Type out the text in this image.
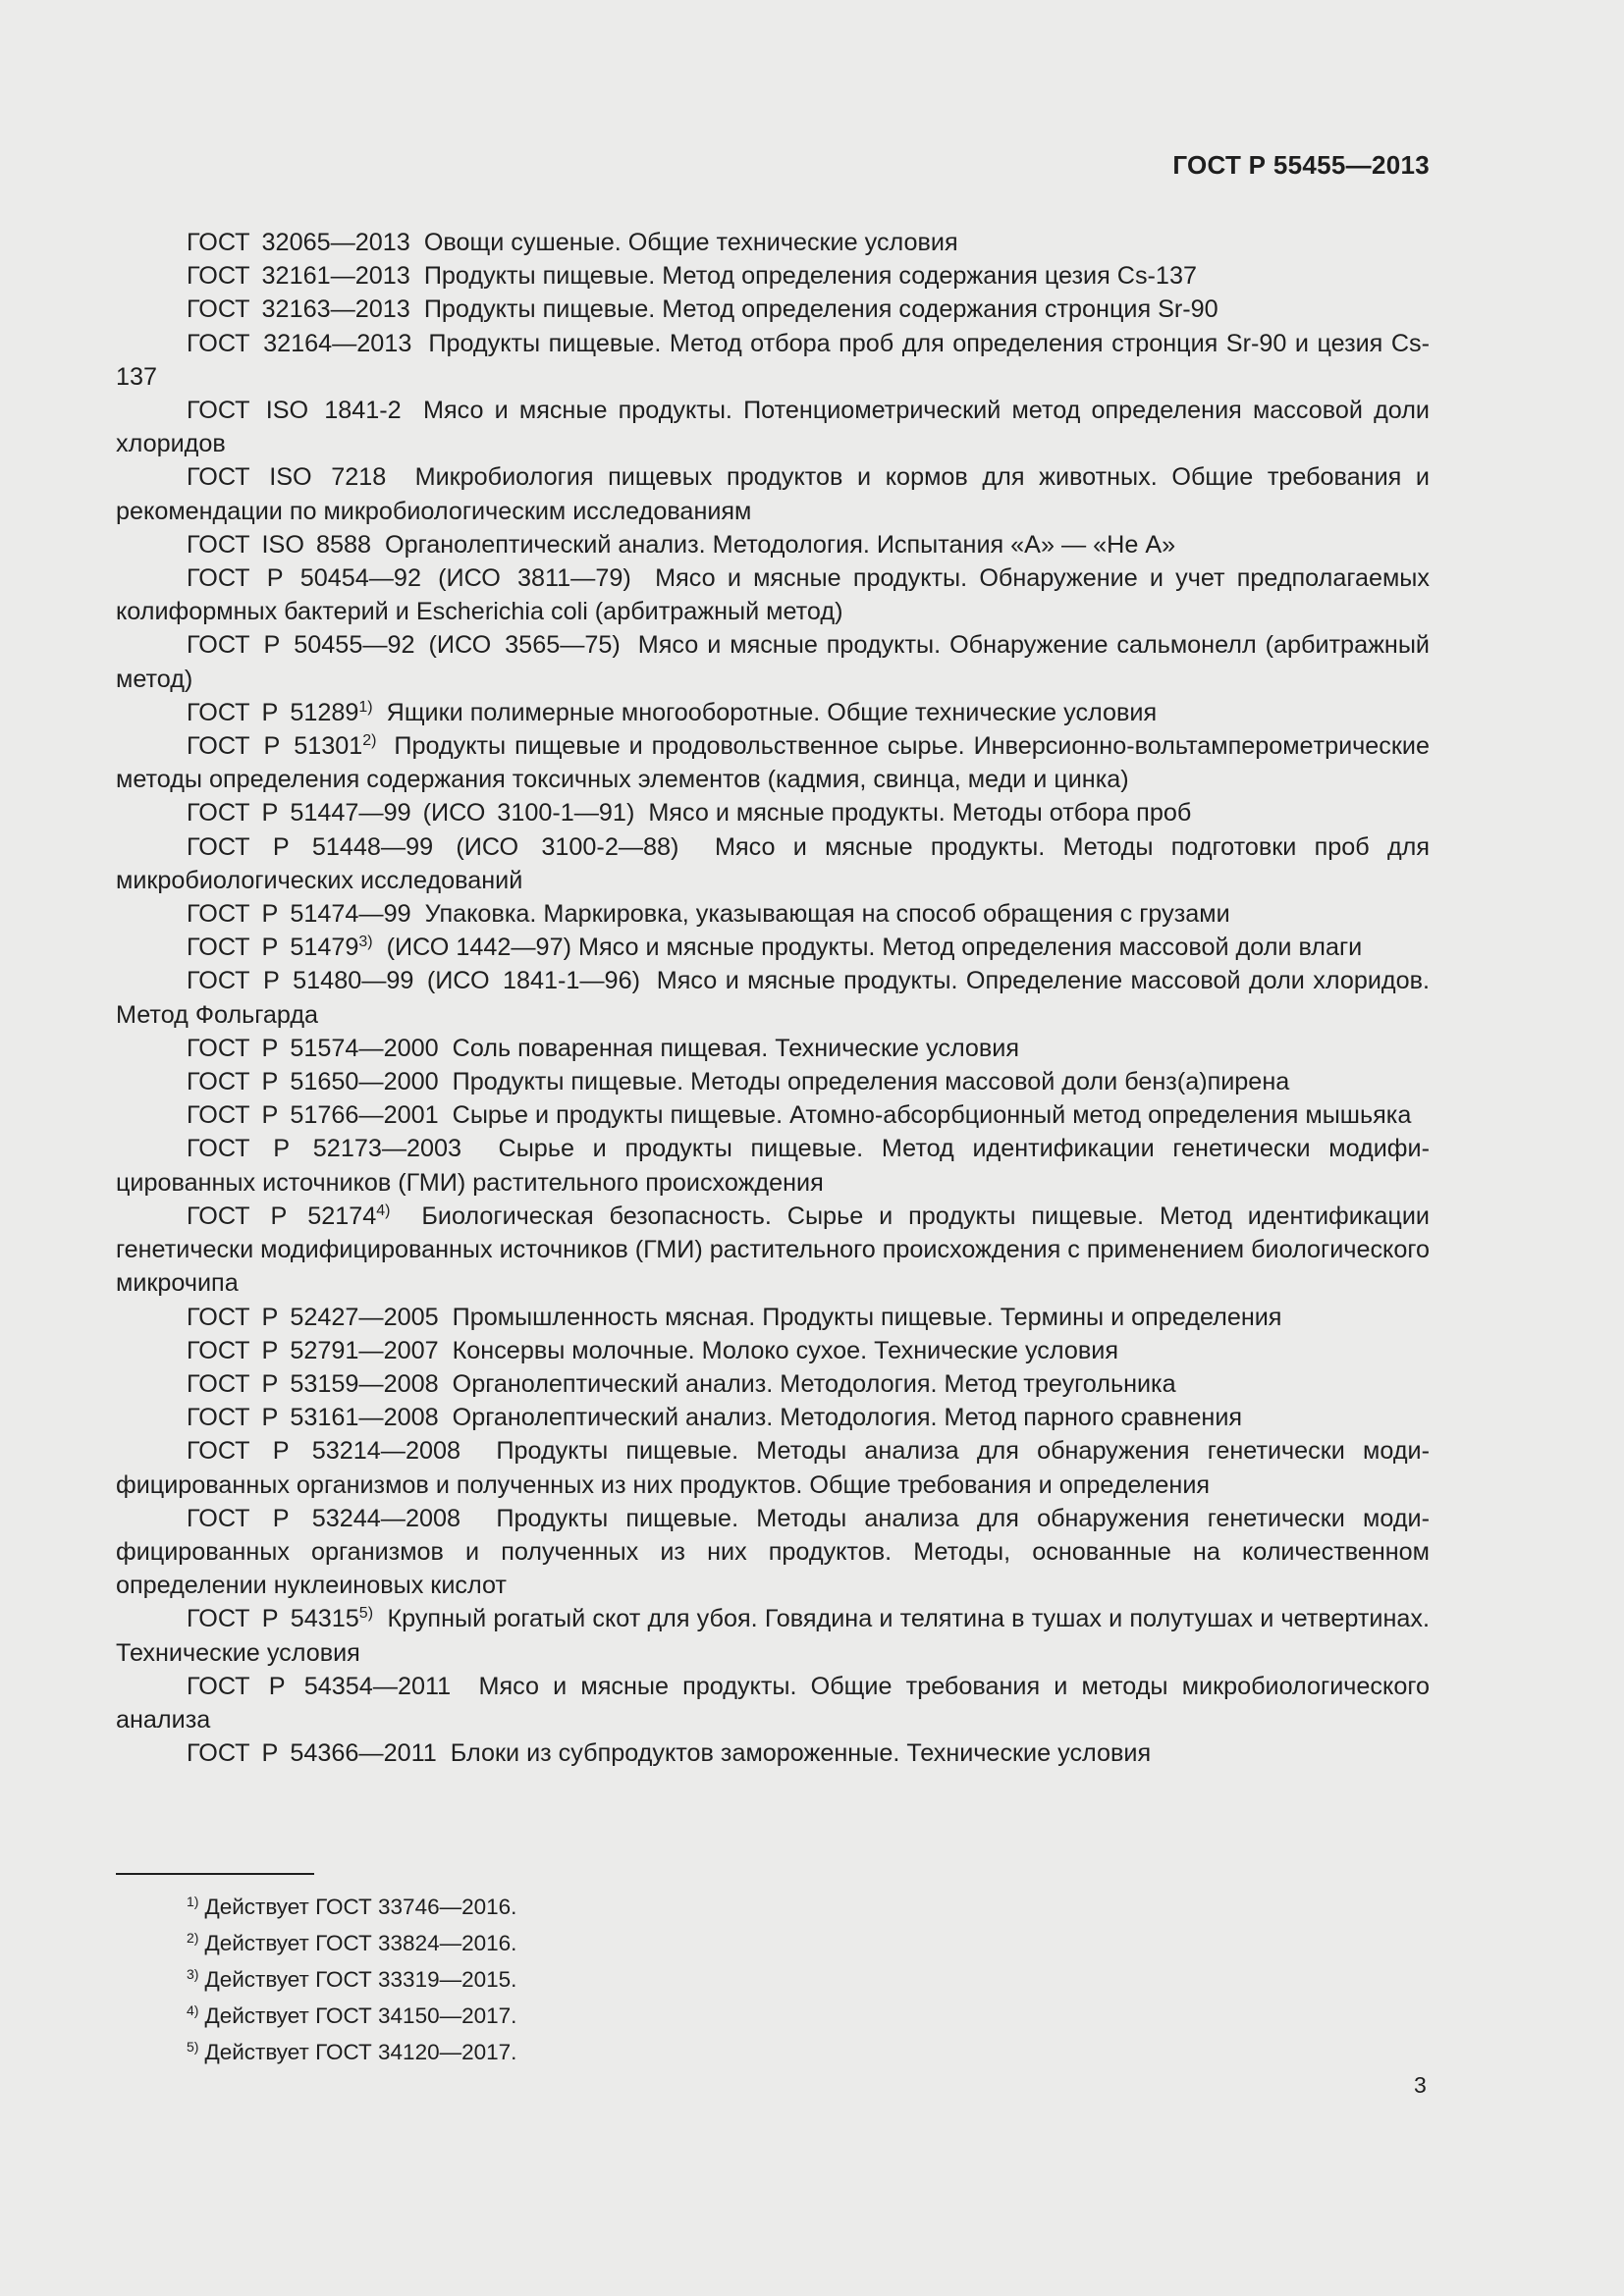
ГОСТ Р 55455—2013

ГОСТ 32065—2013 Овощи сушеные. Общие технические условия

ГОСТ 32161—2013 Продукты пищевые. Метод определения содержания цезия Cs-137

ГОСТ 32163—2013 Продукты пищевые. Метод определения содержания стронция Sr-90

ГОСТ 32164—2013 Продукты пищевые. Метод отбора проб для определения стронция Sr-90 и цезия Cs-137

ГОСТ ISO 1841-2 Мясо и мясные продукты. Потенциометрический метод определения массовой доли хлоридов

ГОСТ ISO 7218 Микробиология пищевых продуктов и кормов для животных. Общие требования и рекомендации по микробиологическим исследованиям

ГОСТ ISO 8588 Органолептический анализ. Методология. Испытания «А» — «Не А»

ГОСТ Р 50454—92 (ИСО 3811—79) Мясо и мясные продукты. Обнаружение и учет предполагаемых колиформных бактерий и Escherichia coli (арбитражный метод)

ГОСТ Р 50455—92 (ИСО 3565—75) Мясо и мясные продукты. Обнаружение сальмонелл (арбитражный метод)

ГОСТ Р 51289$^{1)}$ Ящики полимерные многооборотные. Общие технические условия

ГОСТ Р 51301$^{2)}$ Продукты пищевые и продовольственное сырье. Инверсионно-вольтамперомeтрические методы определения содержания токсичных элементов (кадмия, свинца, меди и цинка)

ГОСТ Р 51447—99 (ИСО 3100-1—91) Мясо и мясные продукты. Методы отбора проб

ГОСТ Р 51448—99 (ИСО 3100-2—88) Мясо и мясные продукты. Методы подготовки проб для микробиологических исследований

ГОСТ Р 51474—99 Упаковка. Маркировка, указывающая на способ обращения с грузами

ГОСТ Р 51479$^{3)}$ (ИСО 1442—97) Мясо и мясные продукты. Метод определения массовой доли влаги

ГОСТ Р 51480—99 (ИСО 1841-1—96) Мясо и мясные продукты. Определение массовой доли хлоридов. Метод Фольгарда

ГОСТ Р 51574—2000 Соль поваренная пищевая. Технические условия

ГОСТ Р 51650—2000 Продукты пищевые. Методы определения массовой доли бенз(а)пирена

ГОСТ Р 51766—2001 Сырье и продукты пищевые. Атомно-абсорбционный метод определения мышьяка

ГОСТ Р 52173—2003 Сырье и продукты пищевые. Метод идентификации генетически модифицированных источников (ГМИ) растительного происхождения

ГОСТ Р 52174$^{4)}$ Биологическая безопасность. Сырье и продукты пищевые. Метод идентификации генетически модифицированных источников (ГМИ) растительного происхождения с применением биологического микрочипа

ГОСТ Р 52427—2005 Промышленность мясная. Продукты пищевые. Термины и определения

ГОСТ Р 52791—2007 Консервы молочные. Молоко сухое. Технические условия

ГОСТ Р 53159—2008 Органолептический анализ. Методология. Метод треугольника

ГОСТ Р 53161—2008 Органолептический анализ. Методология. Метод парного сравнения

ГОСТ Р 53214—2008 Продукты пищевые. Методы анализа для обнаружения генетически модифицированных организмов и полученных из них продуктов. Общие требования и определения

ГОСТ Р 53244—2008 Продукты пищевые. Методы анализа для обнаружения генетически модифицированных организмов и полученных из них продуктов. Методы, основанные на количественном определении нуклеиновых кислот

ГОСТ Р 54315$^{5)}$ Крупный рогатый скот для убоя. Говядина и телятина в тушах и полутушах и четвертинах. Технические условия

ГОСТ Р 54354—2011 Мясо и мясные продукты. Общие требования и методы микробиологического анализа

ГОСТ Р 54366—2011 Блоки из субпродуктов замороженные. Технические условия

$^{1)}$ Действует ГОСТ 33746—2016.
$^{2)}$ Действует ГОСТ 33824—2016.
$^{3)}$ Действует ГОСТ 33319—2015.
$^{4)}$ Действует ГОСТ 34150—2017.
$^{5)}$ Действует ГОСТ 34120—2017.
3
